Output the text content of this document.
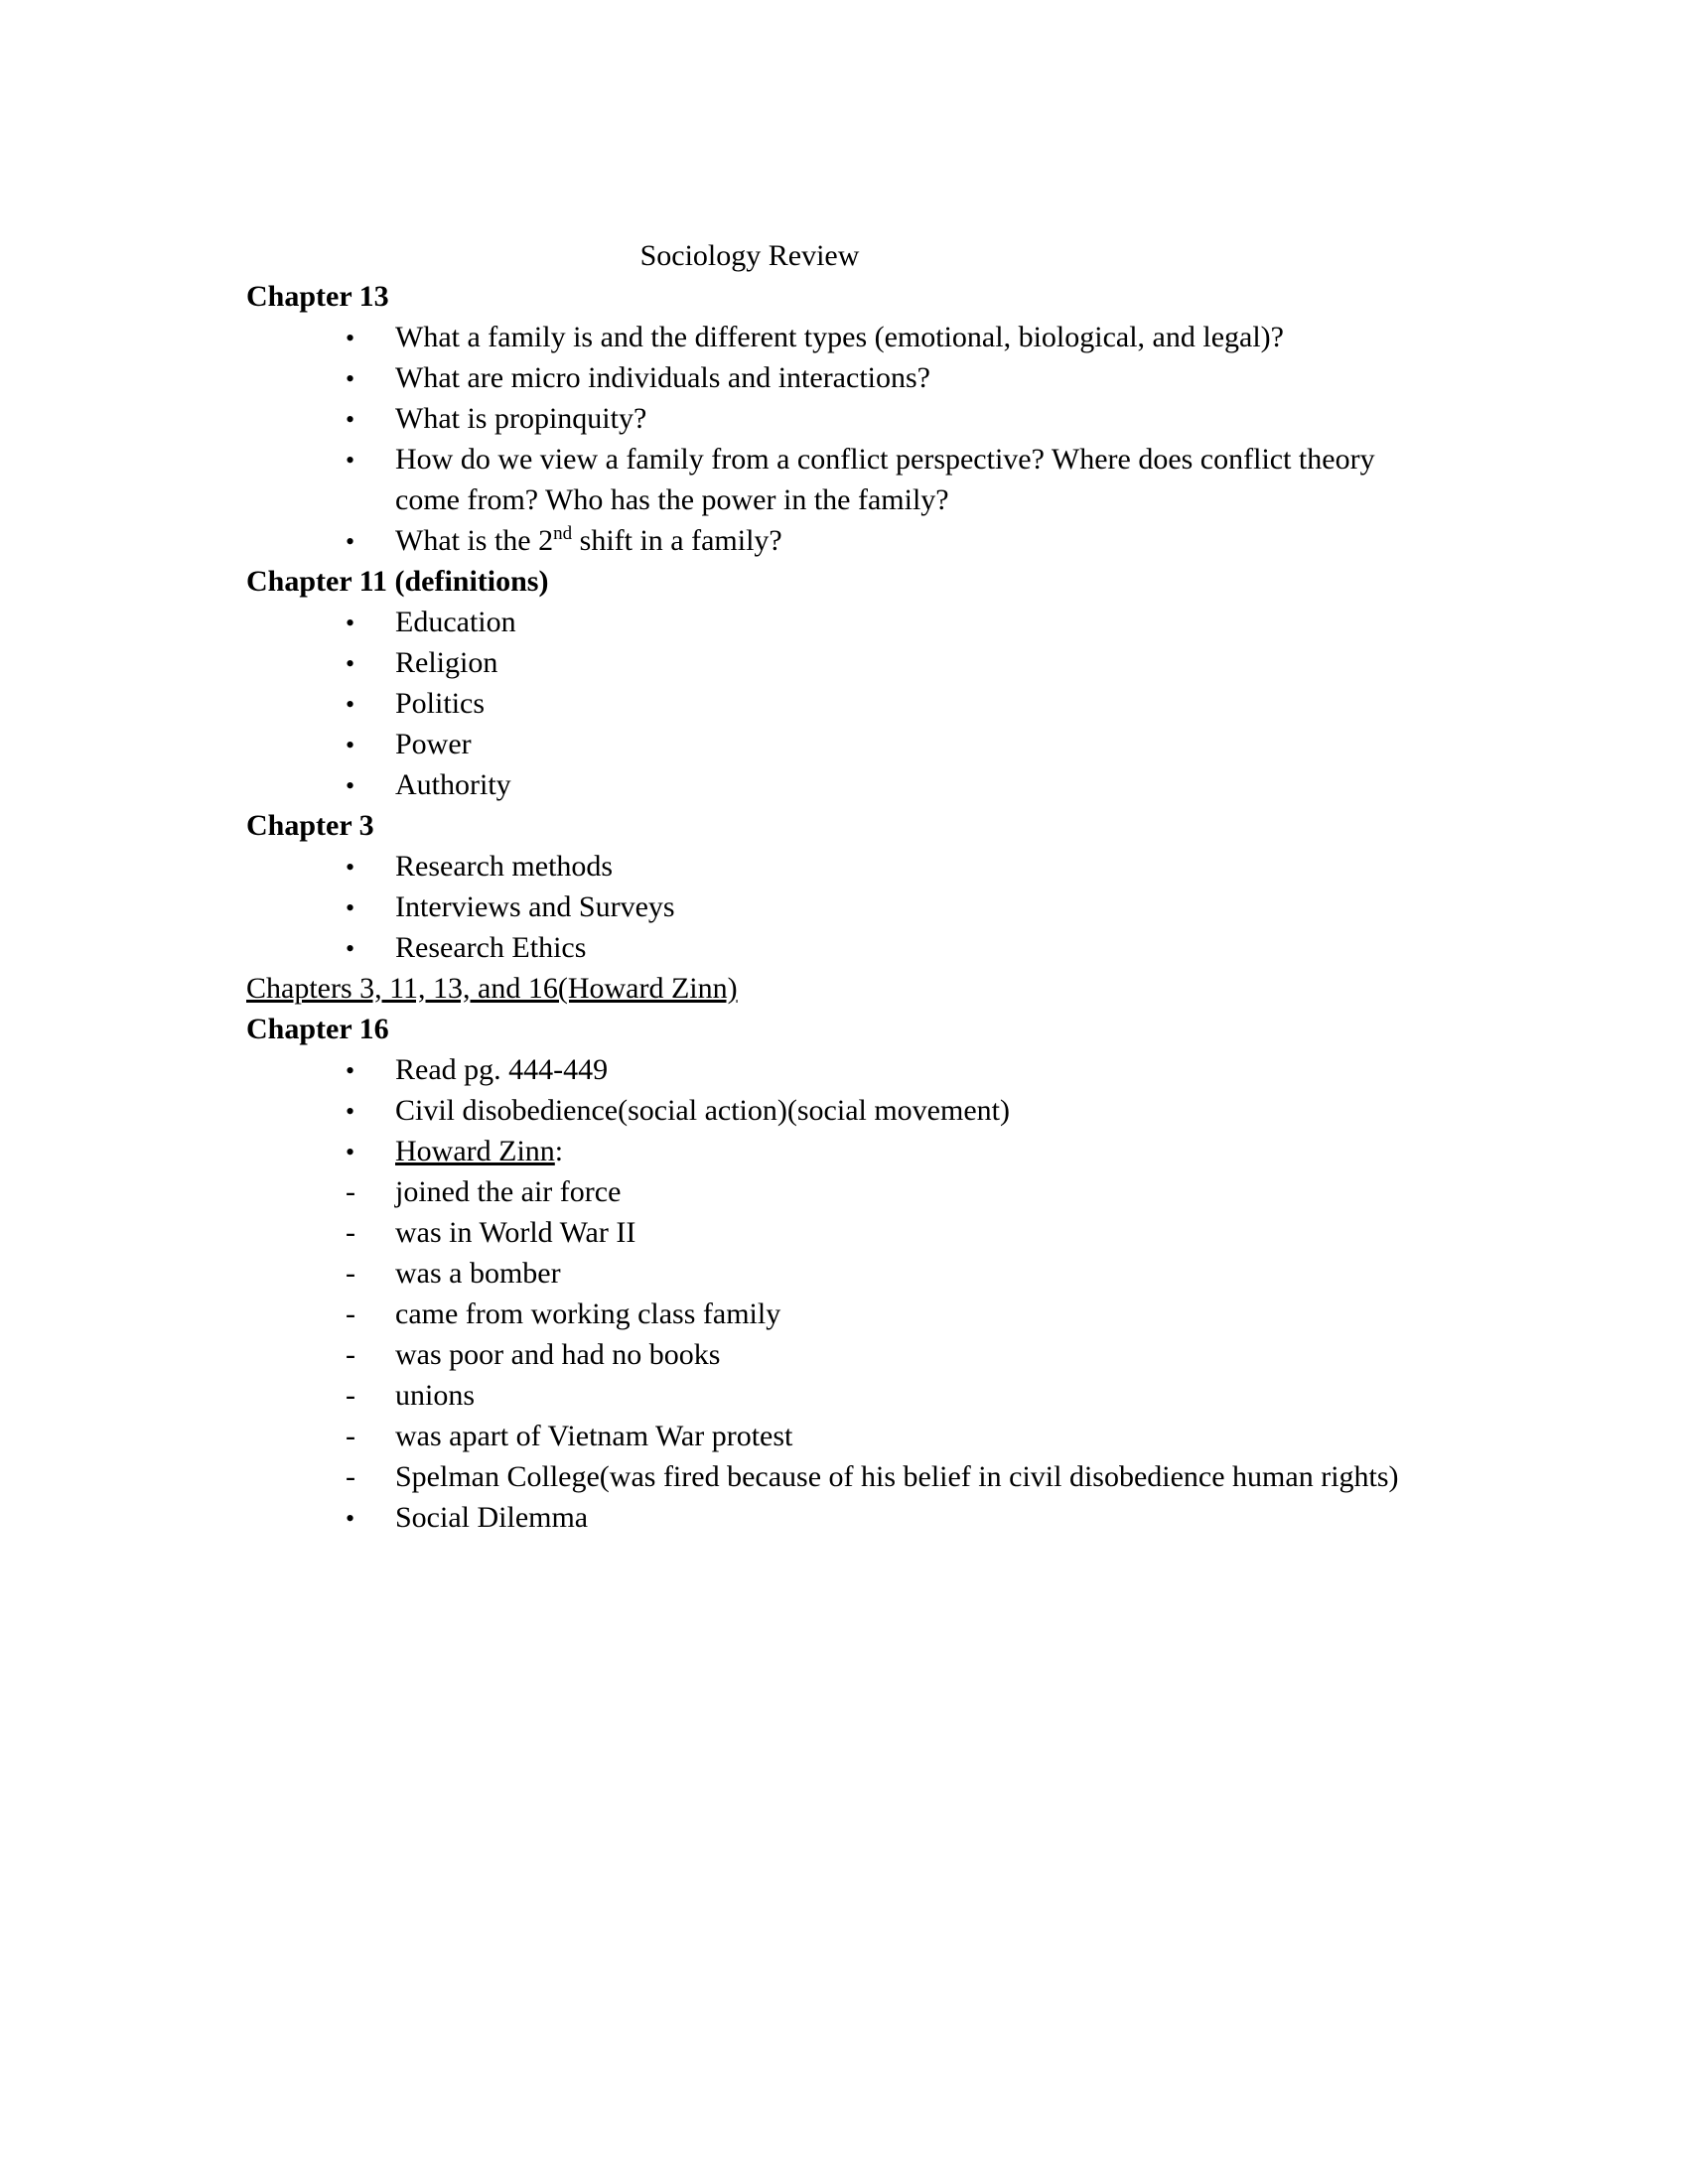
Sociology Review
Chapter 13
•
What a family is and the different types (emotional, biological, and legal)?
•
What are micro individuals and interactions?
•
What is propinquity?
•
How do we view a family from a conflict perspective? Where does conflict theory come from? Who has the power in the family?
•
What is the 2nd shift in a family?
Chapter 11 (definitions)
•
Education
•
Religion
•
Politics
•
Power
•
Authority
Chapter 3
•
Research methods
•
Interviews and Surveys
•
Research Ethics
Chapters 3, 11, 13, and 16(Howard Zinn)
Chapter 16
•
Read pg. 444-449
•
Civil disobedience(social action)(social movement)
•
Howard Zinn:
-
joined the air force
-
was in World War II
-
was a bomber
-
came from working class family
-
was poor and had no books
-
unions
-
was apart of Vietnam War protest
-
Spelman College(was fired because of his belief in civil disobedience human rights)
•
Social Dilemma
